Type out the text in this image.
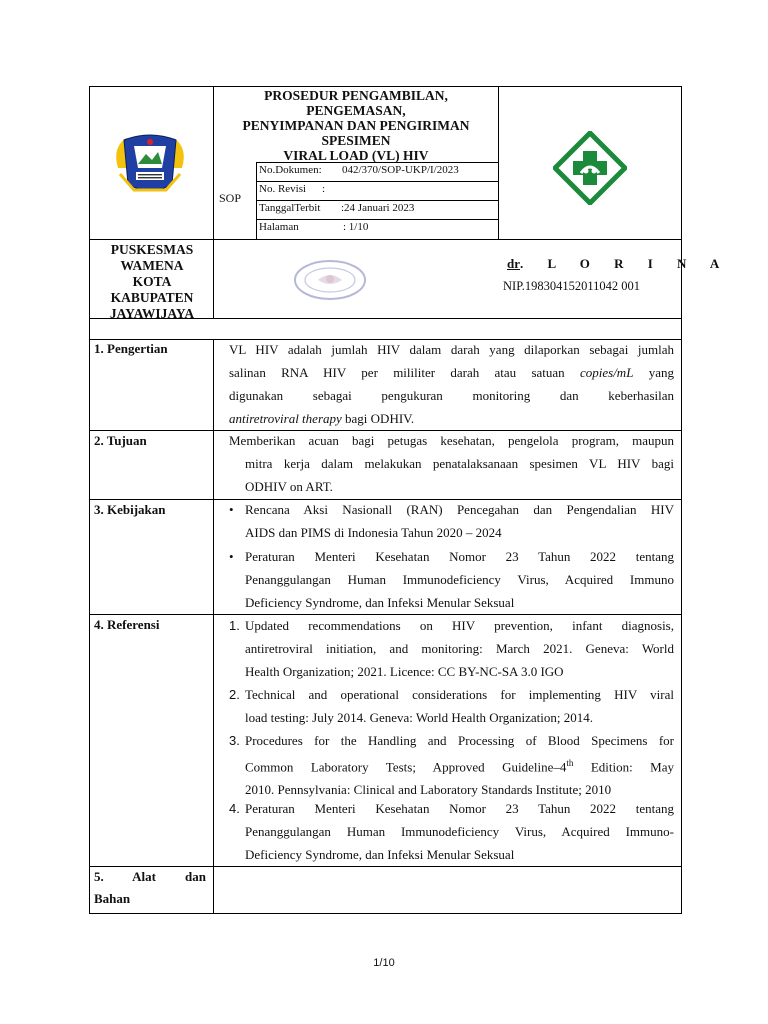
PROSEDUR PENGAMBILAN,
PENGEMASAN,
PENYIMPANAN DAN PENGIRIMAN
SPESIMEN
VIRAL LOAD (VL) HIV
SOP
No.Dokumen: 042/370/SOP-UKP/I/2023
No. Revisi :
TanggalTerbit :24 Januari 2023
Halaman	: 1/10
PUSKESMAS
WAMENA
KOTA
KABUPATEN
JAYAWIJAYA
dr. L O R I N A
NIP.198304152011042 001
1. Pengertian	VL HIV adalah jumlah HIV dalam darah yang dilaporkan sebagai jumlah
salinan RNA HIV per mililiter darah atau satuan copies/mL yang
digunakan sebagai pengukuran monitoring dan keberhasilan
antiretroviral therapy bagi ODHIV.
2. Tujuan	Memberikan acuan bagi petugas kesehatan, pengelola program, maupun
mitra kerja dalam melakukan penatalaksanaan spesimen VL HIV bagi
ODHIV on ART.
3. Kebijakan	• Rencana Aksi Nasionall (RAN) Pencegahan dan Pengendalian HIV
AIDS dan PIMS di Indonesia Tahun 2020 – 2024
• Peraturan Menteri Kesehatan Nomor 23 Tahun 2022 tentang
Penanggulangan Human Immunodeficiency Virus, Acquired Immuno
Deficiency Syndrome, dan Infeksi Menular Seksual
4. Referensi	1. Updated recommendations on HIV prevention, infant diagnosis,
antiretroviral initiation, and monitoring: March 2021. Geneva: World
Health Organization; 2021. Licence: CC BY-NC-SA 3.0 IGO
2. Technical and operational considerations for implementing HIV viral
load testing: July 2014. Geneva: World Health Organization; 2014.
3. Procedures for the Handling and Processing of Blood Specimens for
Common Laboratory Tests; Approved Guideline–4th Edition: May
2010. Pennsylvania: Clinical and Laboratory Standards Institute; 2010
4. Peraturan Menteri Kesehatan Nomor 23 Tahun 2022 tentang
Penanggulangan Human Immunodeficiency Virus, Acquired Immuno-
Deficiency Syndrome, dan Infeksi Menular Seksual
5. Alat dan
Bahan
1/10
